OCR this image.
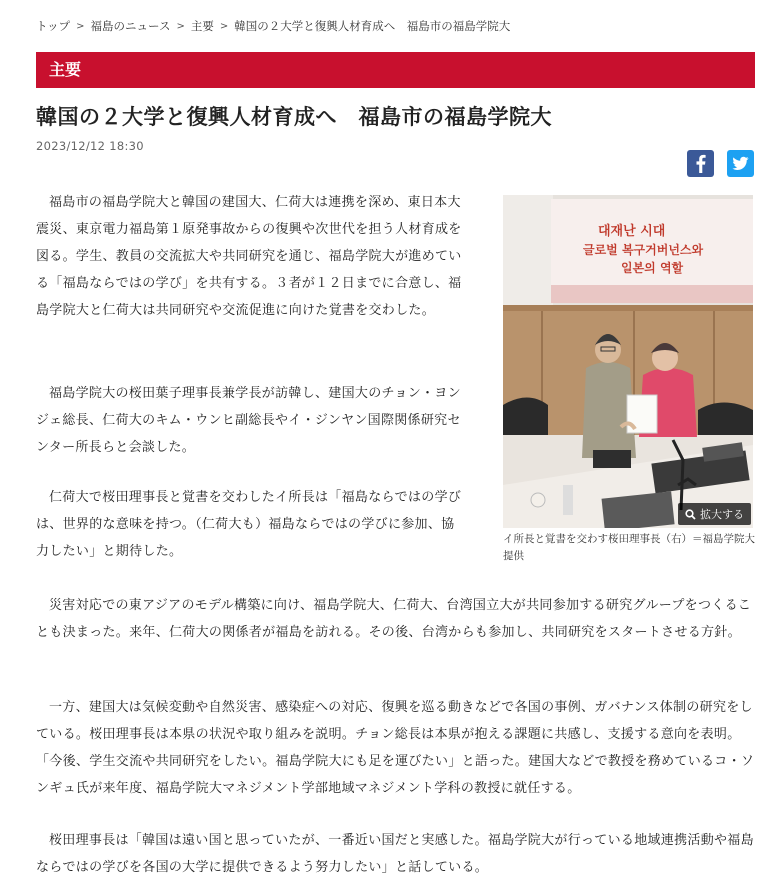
トップ > 福島のニュース > 主要 > 韓国の２大学と復興人材育成へ　福島市の福島学院大
主要
韓国の２大学と復興人材育成へ　福島市の福島学院大
2023/12/12 18:30

福島市の福島学院大と韓国の建国大、仁荷大は連携を深め、東日本大震災、東京電力福島第１原発事故からの復興や次世代を担う人材育成を図る。学生、教員の交流拡大や共同研究を通じ、福島学院大が進めている「福島ならではの学び」を共有する。３者が１２日までに合意し、福島学院大と仁荷大は共同研究や交流促進に向けた覚書を交わした。

福島学院大の桜田葉子理事長兼学長が訪韓し、建国大のチョン・ヨンジェ総長、仁荷大のキム・ウンヒ副総長やイ・ジンヤン国際関係研究センター所長らと会談した。

仁荷大で桜田理事長と覚書を交わしたイ所長は「福島ならではの学びは、世界的な意味を持つ。（仁荷大も）福島ならではの学びに参加、協力したい」と期待した。

대재난 시대
글로벌 복구거버넌스와
일본의 역할
拡大する

イ所長と覚書を交わす桜田理事長（右）＝福島学院大提供

災害対応での東アジアのモデル構築に向け、福島学院大、仁荷大、台湾国立大が共同参加する研究グループをつくることも決まった。来年、仁荷大の関係者が福島を訪れる。その後、台湾からも参加し、共同研究をスタートさせる方針。

一方、建国大は気候変動や自然災害、感染症への対応、復興を巡る動きなどで各国の事例、ガバナンス体制の研究をしている。桜田理事長は本県の状況や取り組みを説明。チョン総長は本県が抱える課題に共感し、支援する意向を表明。「今後、学生交流や共同研究をしたい。福島学院大にも足を運びたい」と語った。建国大などで教授を務めているコ・ソンギュ氏が来年度、福島学院大マネジメント学部地域マネジメント学科の教授に就任する。

桜田理事長は「韓国は遠い国と思っていたが、一番近い国だと実感した。福島学院大が行っている地域連携活動や福島ならではの学びを各国の大学に提供できるよう努力したい」と話している。
